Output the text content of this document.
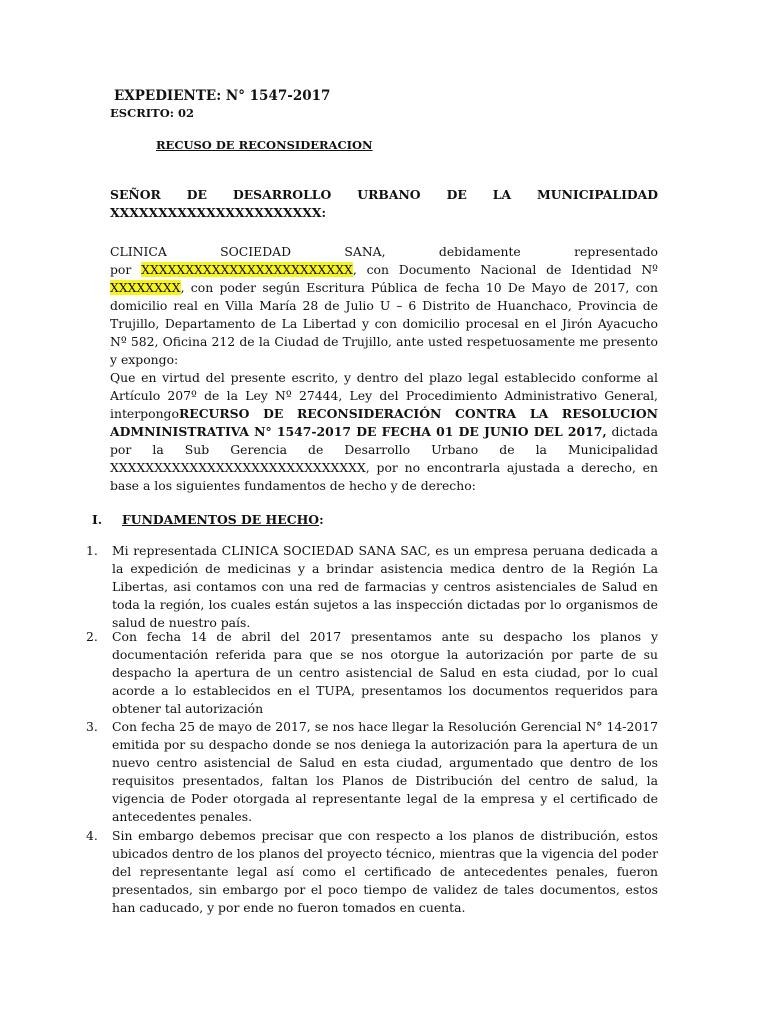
EXPEDIENTE: N° 1547-2017
ESCRITO: 02
RECUSO DE RECONSIDERACION
SEÑOR DE DESARROLLO URBANO DE LA MUNICIPALIDAD
XXXXXXXXXXXXXXXXXXXXXX:
CLINICA SOCIEDAD SANA, debidamente representado

por XXXXXXXXXXXXXXXXXXXXXXXX, con Documento Nacional de Identidad Nº XXXXXXXX, con poder según Escritura Pública de fecha 10 De Mayo de 2017, con domicilio real en Villa María 28 de Julio U – 6 Distrito de Huanchaco, Provincia de Trujillo, Departamento de La Libertad y con domicilio procesal en el Jirón Ayacucho Nº 582, Oficina 212 de la Ciudad de Trujillo, ante usted respetuosamente me presento y expongo:

Que en virtud del presente escrito, y dentro del plazo legal establecido conforme al Artículo 207º de la Ley Nº 27444, Ley del Procedimiento Administrativo General, interpongoRECURSO DE RECONSIDERACIÓN CONTRA LA RESOLUCION ADMNINISTRATIVA N° 1547-2017 DE FECHA 01 DE JUNIO DEL 2017, dictada por la Sub Gerencia de Desarrollo Urbano de la Municipalidad XXXXXXXXXXXXXXXXXXXXXXXXXXXXX, por no encontrarla ajustada a derecho, en base a los siguientes fundamentos de hecho y de derecho:

I. FUNDAMENTOS DE HECHO:
1. Mi representada CLINICA SOCIEDAD SANA SAC, es un empresa peruana dedicada a la expedición de medicinas y a brindar asistencia medica dentro de la Región La Libertas, asi contamos con una red de farmacias y centros asistenciales de Salud en toda la región, los cuales están sujetos a las inspección dictadas por lo organismos de salud de nuestro país.

2. Con fecha 14 de abril del 2017 presentamos ante su despacho los planos y documentación referida para que se nos otorgue la autorización por parte de su despacho la apertura de un centro asistencial de Salud en esta ciudad, por lo cual acorde a lo establecidos en el TUPA, presentamos los documentos requeridos para obtener tal autorización

3. Con fecha 25 de mayo de 2017, se nos hace llegar la Resolución Gerencial N° 14-2017 emitida por su despacho donde se nos deniega la autorización para la apertura de un nuevo centro asistencial de Salud en esta ciudad, argumentado que dentro de los requisitos presentados, faltan los Planos de Distribución del centro de salud, la vigencia de Poder otorgada al representante legal de la empresa y el certificado de antecedentes penales.

4. Sin embargo debemos precisar que con respecto a los planos de distribución, estos ubicados dentro de los planos del proyecto técnico, mientras que la vigencia del poder del representante legal así como el certificado de antecedentes penales, fueron presentados, sin embargo por el poco tiempo de validez de tales documentos, estos han caducado, y por ende no fueron tomados en cuenta.
